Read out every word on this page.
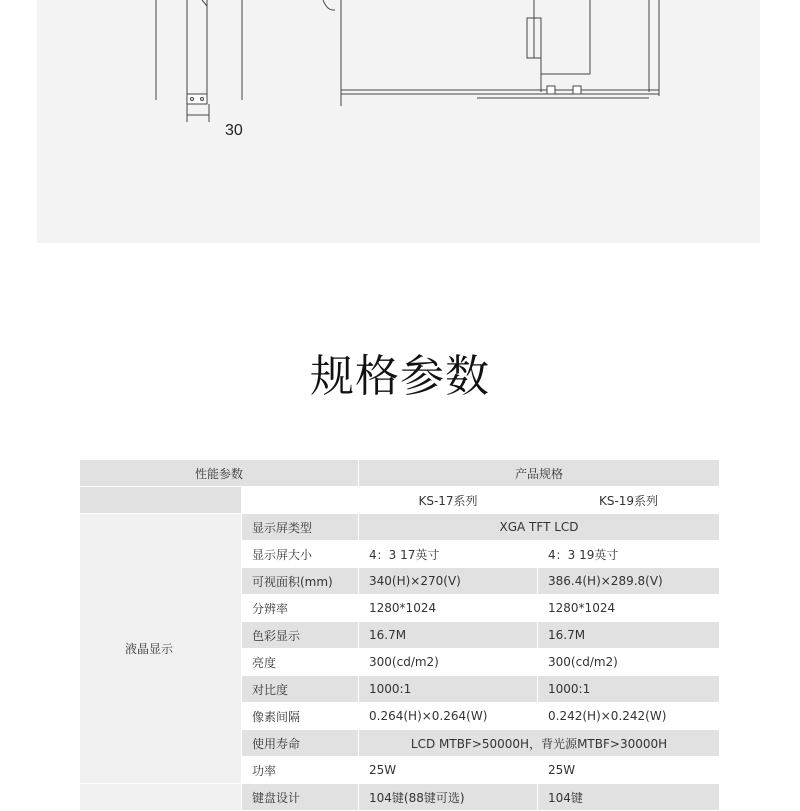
30
规格参数
性能参数		产品规格	
		KS-17系列	KS-19系列
液晶显示	显示屏类型	XGA TFT LCD	
	显示屏大小	4：3 17英寸	4：3 19英寸
	可视面积(mm)	340(H)×270(V)	386.4(H)×289.8(V)
	分辨率	1280*1024	1280*1024
	色彩显示	16.7M	16.7M
	亮度	300(cd/m2)	300(cd/m2)
	对比度	1000:1	1000:1
	像素间隔	0.264(H)×0.264(W)	0.242(H)×0.242(W)
	使用寿命	LCD MTBF>50000H，背光源MTBF>30000H	
	功率	25W	25W
	键盘设计	104键(88键可选)	104键
